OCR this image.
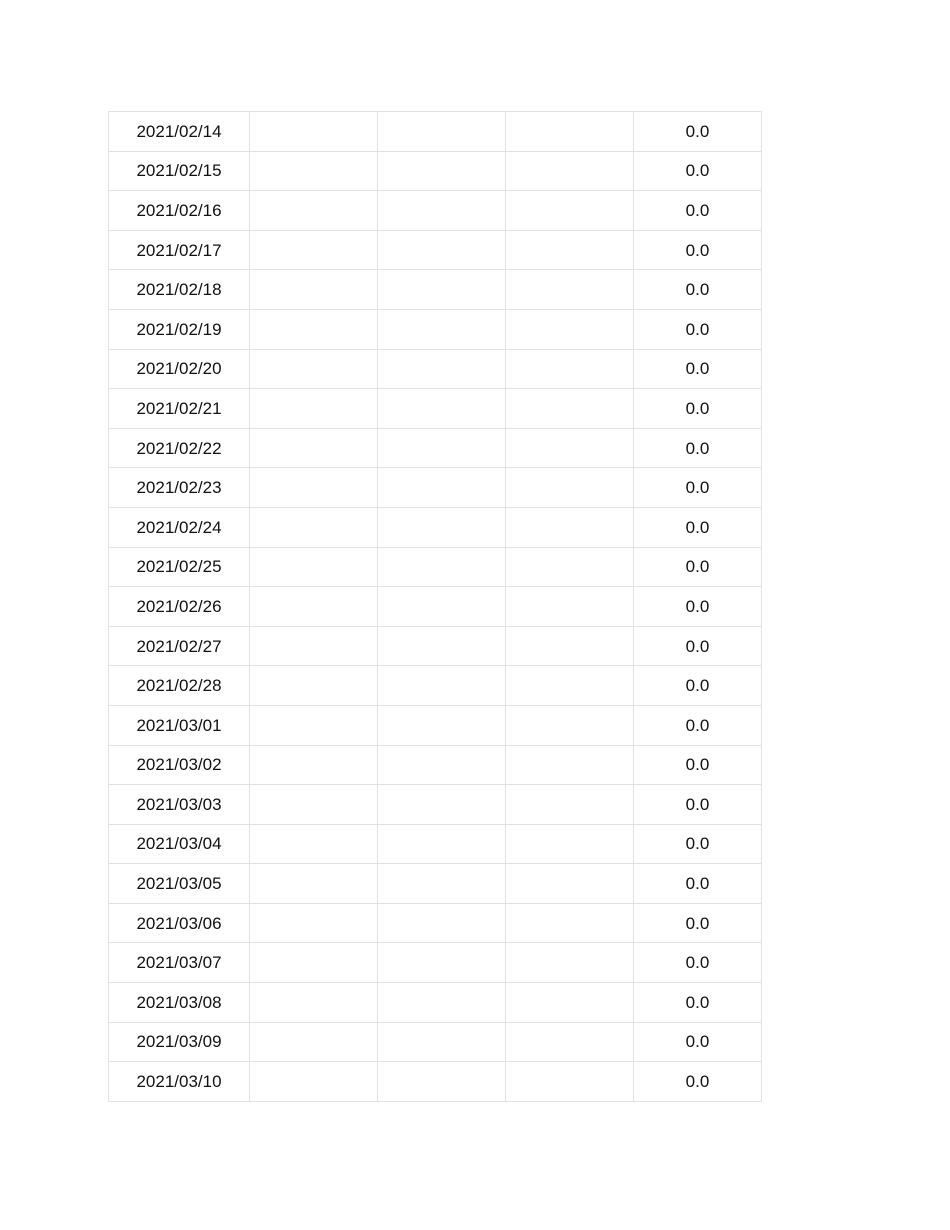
2021/02/14				0.0
2021/02/15				0.0
2021/02/16				0.0
2021/02/17				0.0
2021/02/18				0.0
2021/02/19				0.0
2021/02/20				0.0
2021/02/21				0.0
2021/02/22				0.0
2021/02/23				0.0
2021/02/24				0.0
2021/02/25				0.0
2021/02/26				0.0
2021/02/27				0.0
2021/02/28				0.0
2021/03/01				0.0
2021/03/02				0.0
2021/03/03				0.0
2021/03/04				0.0
2021/03/05				0.0
2021/03/06				0.0
2021/03/07				0.0
2021/03/08				0.0
2021/03/09				0.0
2021/03/10				0.0
